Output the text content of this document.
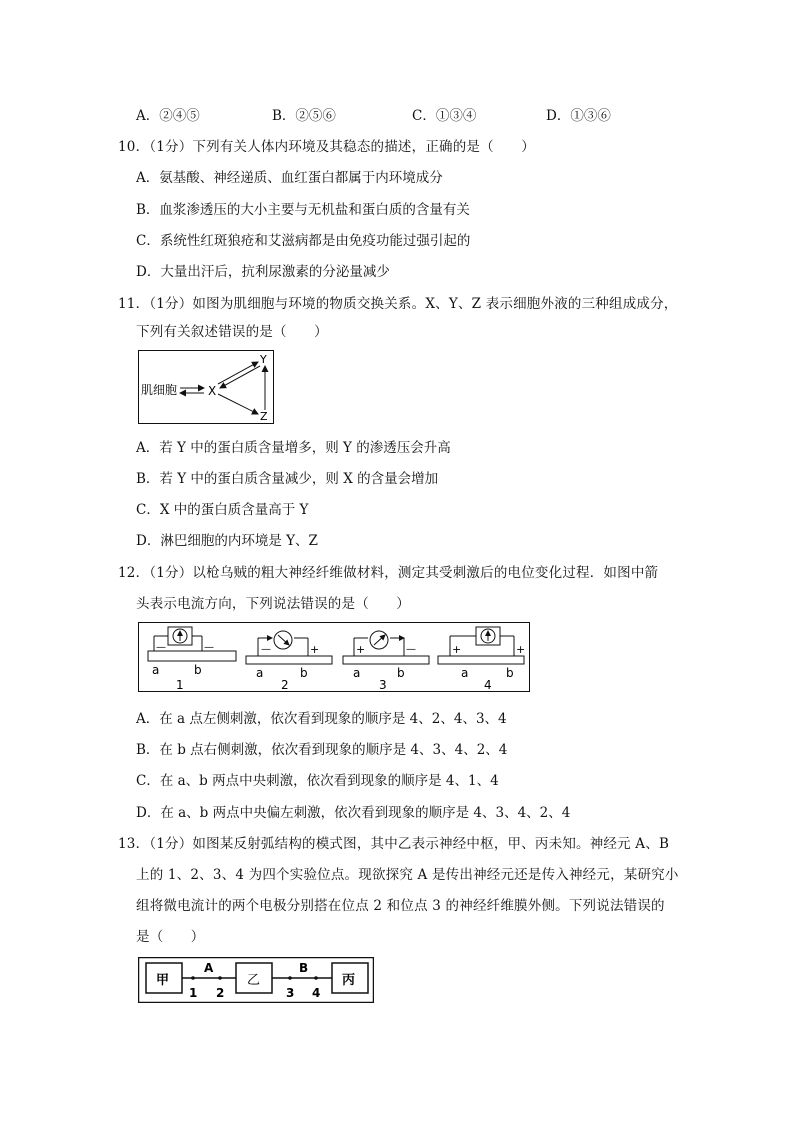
A．②④⑤	B．②⑤⑥	C．①③④	D．①③⑥
10．（1分）下列有关人体内环境及其稳态的描述，正确的是（　　）
A．氨基酸、神经递质、血红蛋白都属于内环境成分
B．血浆渗透压的大小主要与无机盐和蛋白质的含量有关
C．系统性红斑狼疮和艾滋病都是由免疫功能过强引起的
D．大量出汗后，抗利尿激素的分泌量减少
11．（1分）如图为肌细胞与环境的物质交换关系。X、Y、Z 表示细胞外液的三种组成成分，
下列有关叙述错误的是（　　）
肌细胞	X
Y
Z
A．若 Y 中的蛋白质含量增多，则 Y 的渗透压会升高
B．若 Y 中的蛋白质含量减少，则 X 的含量会增加
C．X 中的蛋白质含量高于 Y
D．淋巴细胞的内环境是 Y、Z
12．（1分）以枪乌贼的粗大神经纤维做材料，测定其受刺激后的电位变化过程．如图中箭
头表示电流方向，下列说法错误的是（　　）
—	—
a	b
1
—	+
a	b
2
+	—
a	b
3
+	+
a	b
4
A．在 a 点左侧刺激，依次看到现象的顺序是 4、2、4、3、4
B．在 b 点右侧刺激，依次看到现象的顺序是 4、3、4、2、4
C．在 a、b 两点中央刺激，依次看到现象的顺序是 4、1、4
D．在 a、b 两点中央偏左刺激，依次看到现象的顺序是 4、3、4、2、4
13．（1分）如图某反射弧结构的模式图，其中乙表示神经中枢，甲、丙未知。神经元 A、B
上的 1、2、3、4 为四个实验位点。现欲探究 A 是传出神经元还是传入神经元，某研究小
组将微电流计的两个电极分别搭在位点 2 和位点 3 的神经纤维膜外侧。下列说法错误的
是（　　）
甲
A
1 2
乙
B
3 4
丙
